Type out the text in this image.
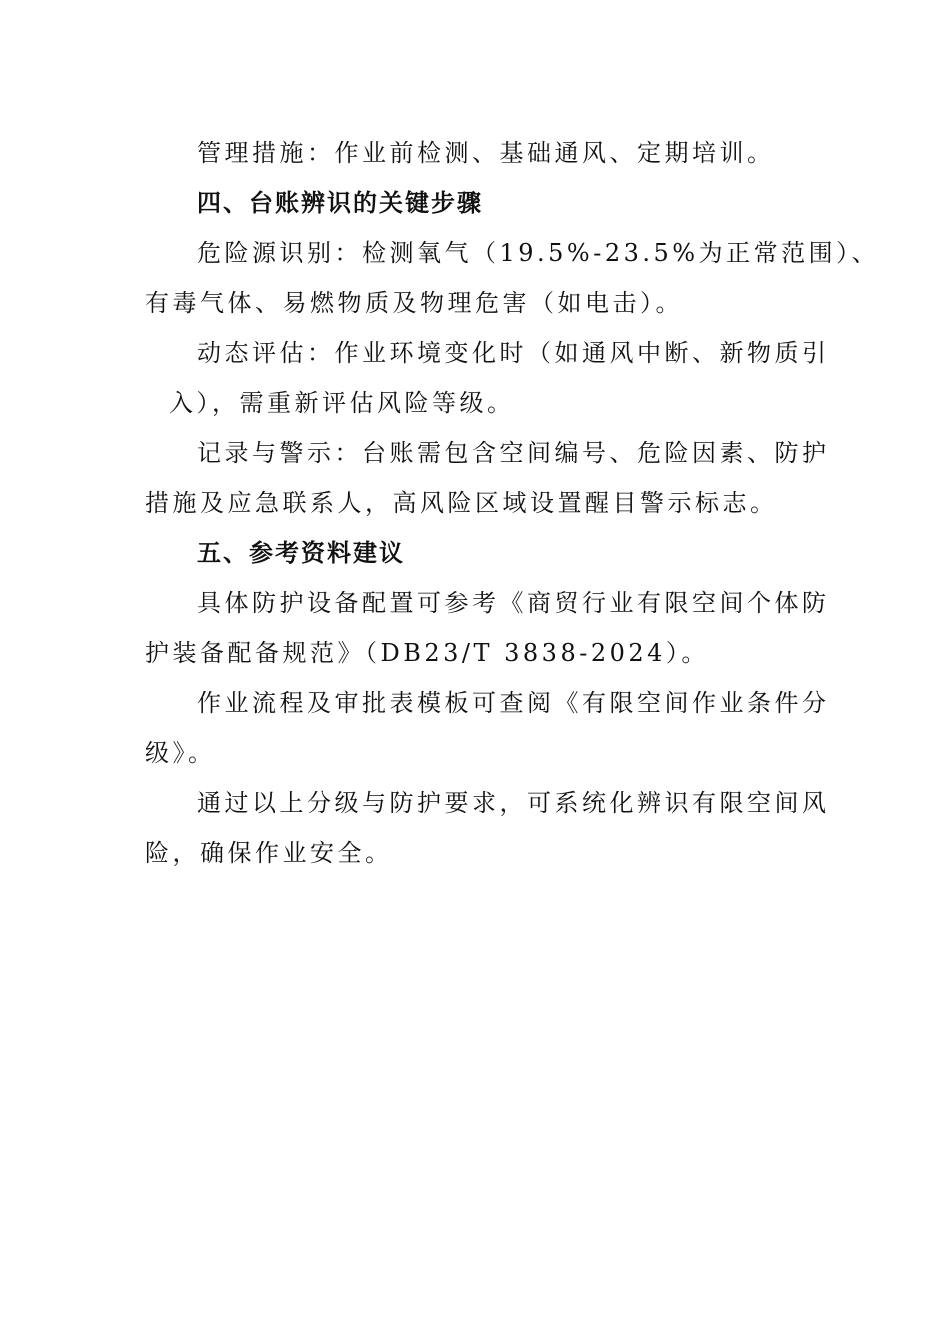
管理措施：作业前检测、基础通风、定期培训。
四、台账辨识的关键步骤
危险源识别：检测氧气（19.5%-23.5%为正常范围）、
有毒气体、易燃物质及物理危害（如电击）。
动态评估：作业环境变化时（如通风中断、新物质引
入），需重新评估风险等级。
记录与警示：台账需包含空间编号、危险因素、防护
措施及应急联系人，高风险区域设置醒目警示标志。
五、参考资料建议
具体防护设备配置可参考《商贸行业有限空间个体防
护装备配备规范》（DB23/T 3838-2024）。
作业流程及审批表模板可查阅《有限空间作业条件分
级》。
通过以上分级与防护要求，可系统化辨识有限空间风
险，确保作业安全。
